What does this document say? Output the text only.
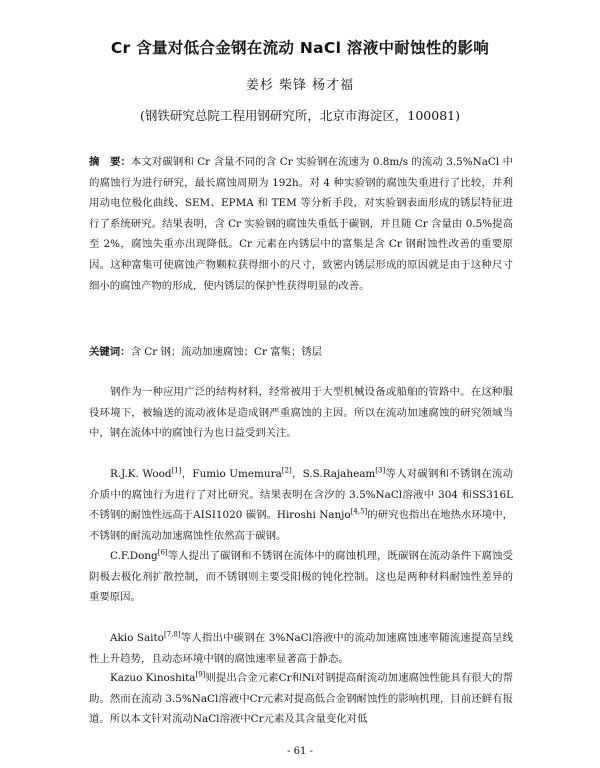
Cr 含量对低合金钢在流动 NaCl 溶液中耐蚀性的影响
姜杉 柴锋 杨才福
(钢铁研究总院工程用钢研究所，北京市海淀区，100081)

摘　要：本文对碳钢和 Cr 含量不同的含 Cr 实验钢在流速为 0.8m/s 的流动 3.5%NaCl 中的腐蚀行为进行研究，最长腐蚀周期为 192h。对 4 种实验钢的腐蚀失重进行了比较，并利用动电位极化曲线、SEM、EPMA 和 TEM 等分析手段，对实验钢表面形成的锈层特征进行了系统研究。结果表明，含 Cr 实验钢的腐蚀失重低于碳钢，并且随 Cr 含量由 0.5%提高至 2%，腐蚀失重亦出现降低。Cr 元素在内锈层中的富集是含 Cr 钢耐蚀性改善的重要原因。这种富集可使腐蚀产物颗粒获得细小的尺寸，致密内锈层形成的原因就是由于这种尺寸细小的腐蚀产物的形成，使内锈层的保护性获得明显的改善。

关键词：含 Cr 钢；流动加速腐蚀；Cr 富集；锈层

钢作为一种应用广泛的结构材料，经常被用于大型机械设备或船舶的管路中。在这种服役环境下，被输送的流动液体是造成钢严重腐蚀的主因。所以在流动加速腐蚀的研究领域当中，钢在流体中的腐蚀行为也日益受到关注。

R.J.K. Wood[1]，Fumio Umemura[2]，S.S.Rajaheam[3]等人对碳钢和不锈钢在流动介质中的腐蚀行为进行了对比研究。结果表明在含汐的 3.5%NaCl溶液中 304 和SS316L不锈钢的耐蚀性远高于AISI1020 碳钢。Hiroshi Nanjo[4,5]的研究也指出在地热水环境中，不锈钢的耐流动加速腐蚀性依然高于碳钢。

C.F.Dong[6]等人提出了碳钢和不锈钢在流体中的腐蚀机理，既碳钢在流动条件下腐蚀受阴极去极化剂扩散控制，而不锈钢则主要受阳极的钝化控制。这也是两种材料耐蚀性差异的重要原因。

Akio Saito[7,8]等人指出中碳钢在 3%NaCl溶液中的流动加速腐蚀速率随流速提高呈线性上升趋势，且动态环境中钢的腐蚀速率显著高于静态。

Kazuo Kinoshita[9]则提出合金元素Cr和Ni对钢提高耐流动加速腐蚀性能具有很大的帮助。然而在流动 3.5%NaCl溶液中Cr元素对提高低合金钢耐蚀性的影响机理，目前还鲜有报道。所以本文针对流动NaCl溶液中Cr元素及其含量变化对低

- 61 -
